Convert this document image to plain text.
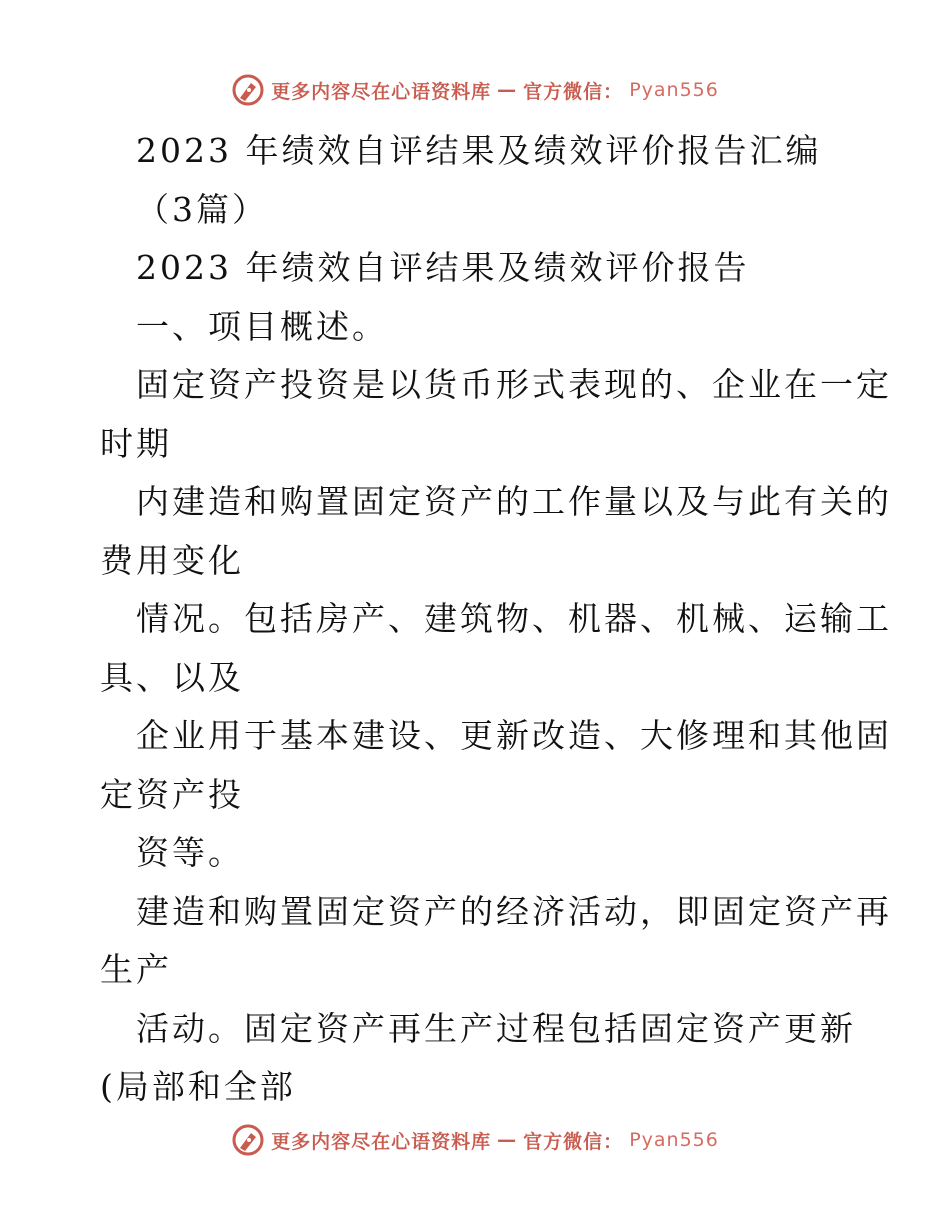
更多内容尽在心语资料库 — 官方微信： Pyan556
2023 年绩效自评结果及绩效评价报告汇编
（3篇）
2023 年绩效自评结果及绩效评价报告
一、项目概述。
固定资产投资是以货币形式表现的、企业在一定
时期
内建造和购置固定资产的工作量以及与此有关的
费用变化
情况。包括房产、建筑物、机器、机械、运输工
具、以及
企业用于基本建设、更新改造、大修理和其他固
定资产投
资等。
建造和购置固定资产的经济活动，即固定资产再
生产
活动。固定资产再生产过程包括固定资产更新
(局部和全部
更多内容尽在心语资料库 — 官方微信： Pyan556
